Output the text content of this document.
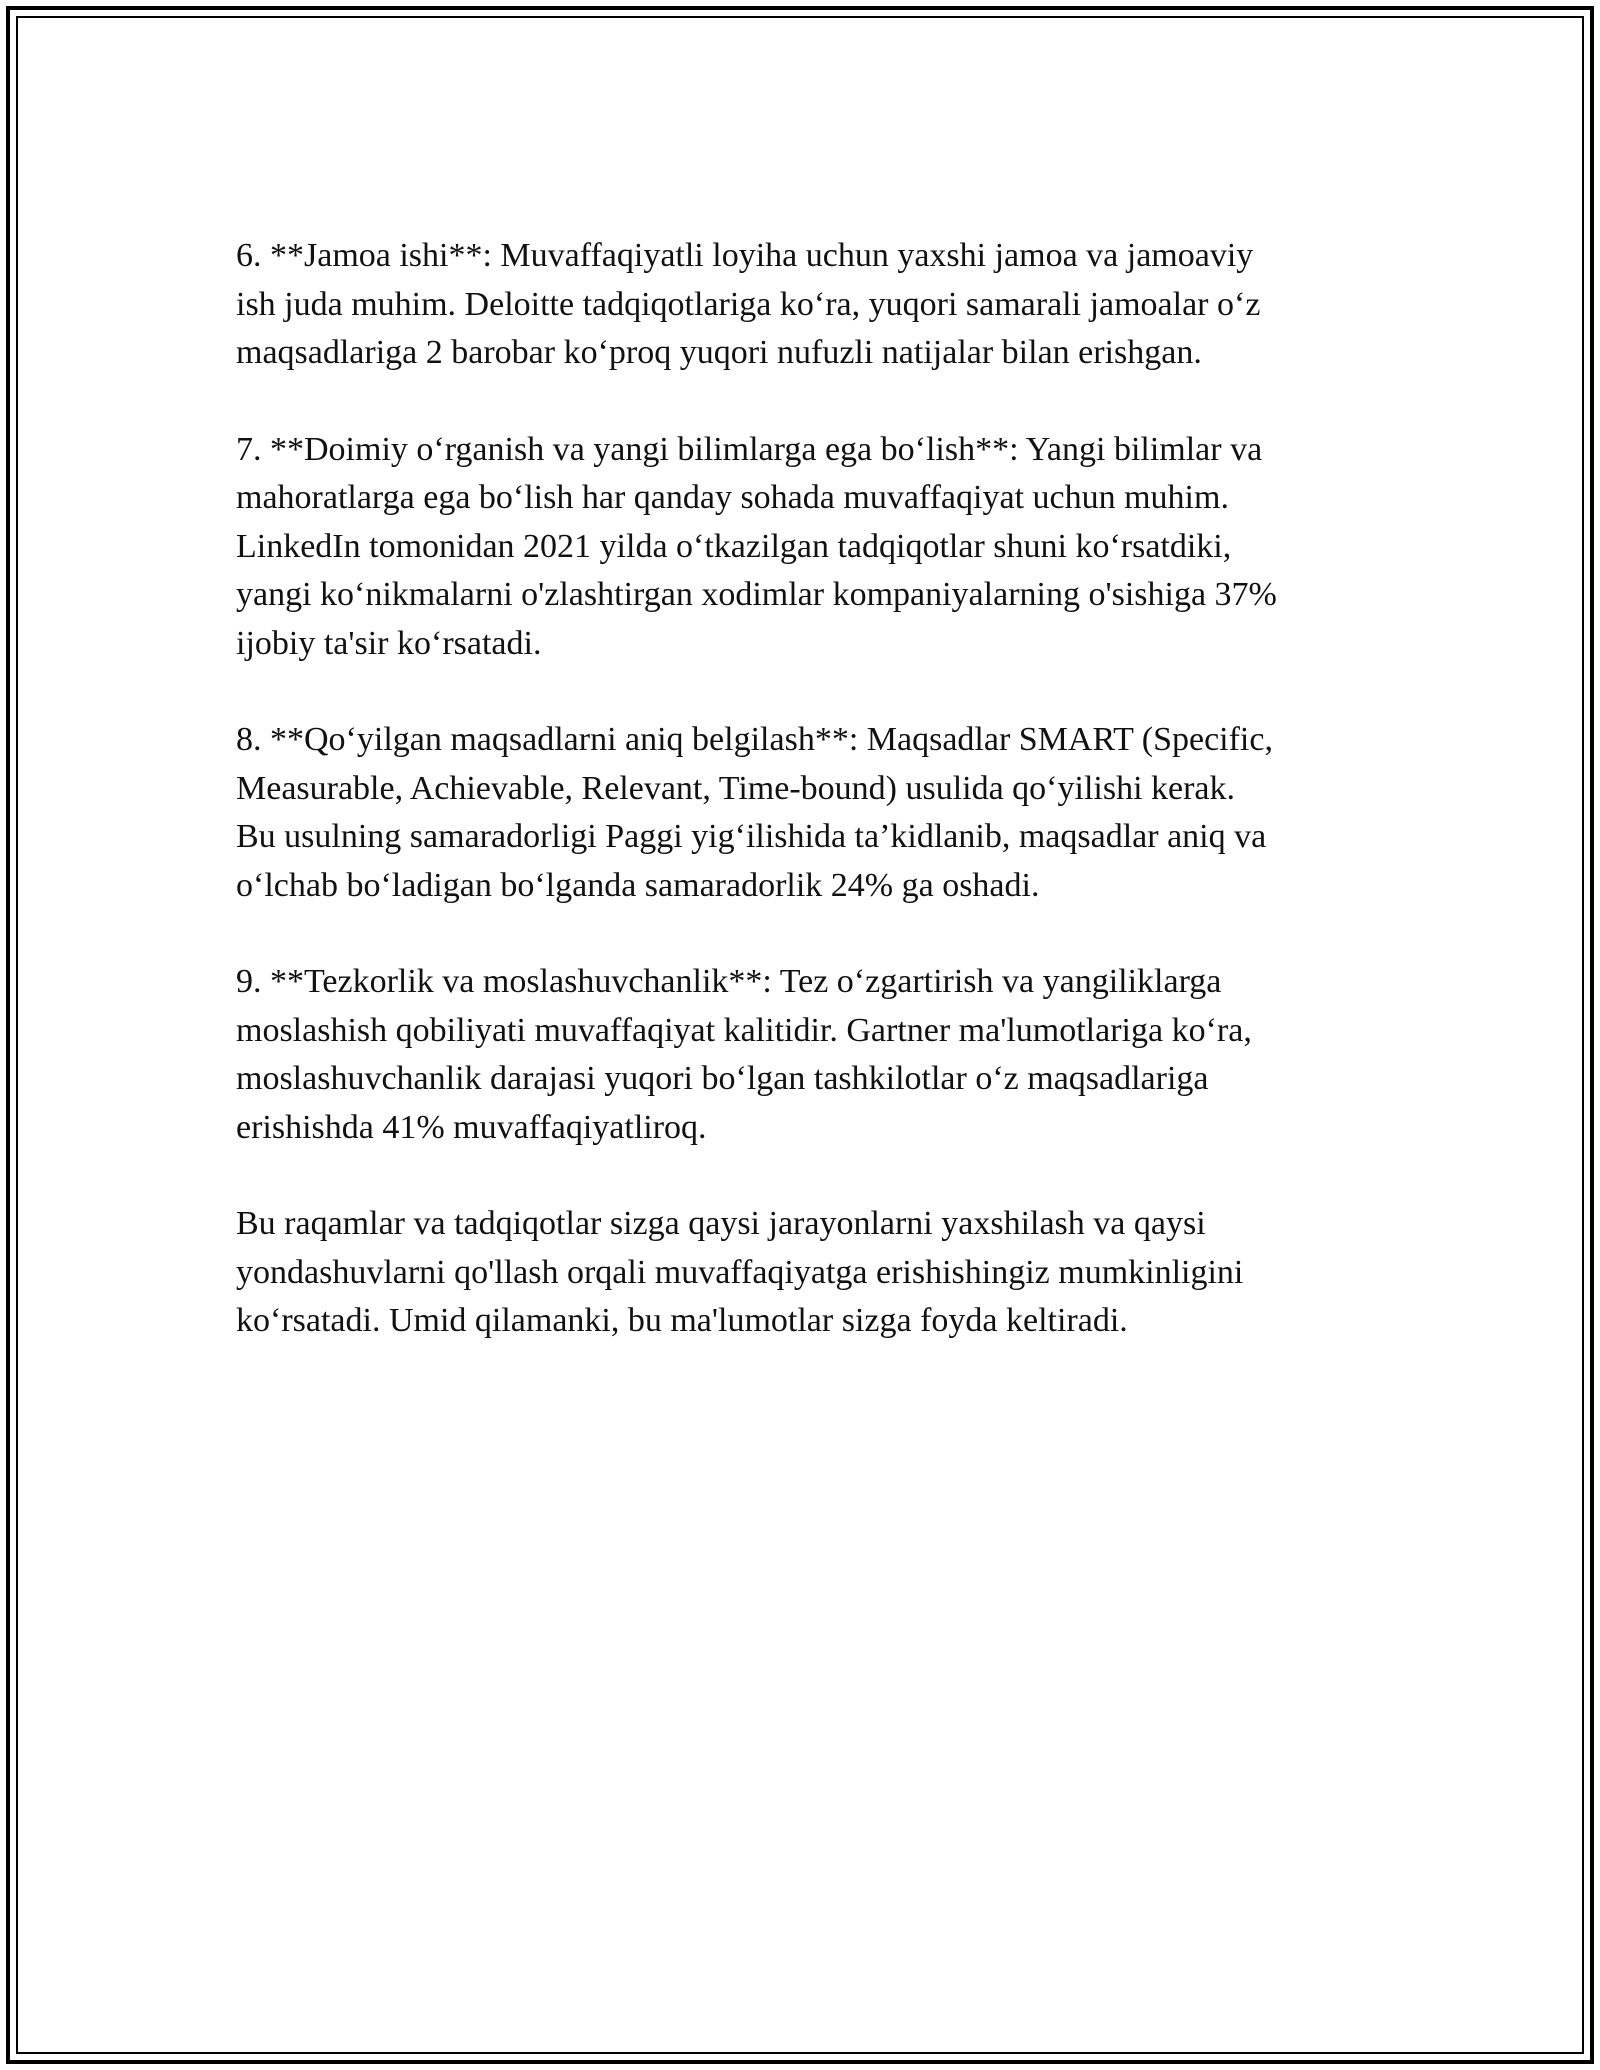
6. **Jamoa ishi**: Muvaffaqiyatli loyiha uchun yaxshi jamoa va jamoaviy
ish juda muhim. Deloitte tadqiqotlariga ko‘ra, yuqori samarali jamoalar o‘z
maqsadlariga 2 barobar ko‘proq yuqori nufuzli natijalar bilan erishgan.

7. **Doimiy o‘rganish va yangi bilimlarga ega bo‘lish**: Yangi bilimlar va
mahoratlarga ega bo‘lish har qanday sohada muvaffaqiyat uchun muhim.
LinkedIn tomonidan 2021 yilda o‘tkazilgan tadqiqotlar shuni ko‘rsatdiki,
yangi ko‘nikmalarni o'zlashtirgan xodimlar kompaniyalarning o'sishiga 37%
ijobiy ta'sir ko‘rsatadi.

8. **Qo‘yilgan maqsadlarni aniq belgilash**: Maqsadlar SMART (Specific,
Measurable, Achievable, Relevant, Time-bound) usulida qo‘yilishi kerak.
Bu usulning samaradorligi Paggi yig‘ilishida ta’kidlanib, maqsadlar aniq va
o‘lchab bo‘ladigan bo‘lganda samaradorlik 24% ga oshadi.

9. **Tezkorlik va moslashuvchanlik**: Tez o‘zgartirish va yangiliklarga
moslashish qobiliyati muvaffaqiyat kalitidir. Gartner ma'lumotlariga ko‘ra,
moslashuvchanlik darajasi yuqori bo‘lgan tashkilotlar o‘z maqsadlariga
erishishda 41% muvaffaqiyatliroq.

Bu raqamlar va tadqiqotlar sizga qaysi jarayonlarni yaxshilash va qaysi
yondashuvlarni qo'llash orqali muvaffaqiyatga erishishingiz mumkinligini
ko‘rsatadi. Umid qilamanki, bu ma'lumotlar sizga foyda keltiradi.
